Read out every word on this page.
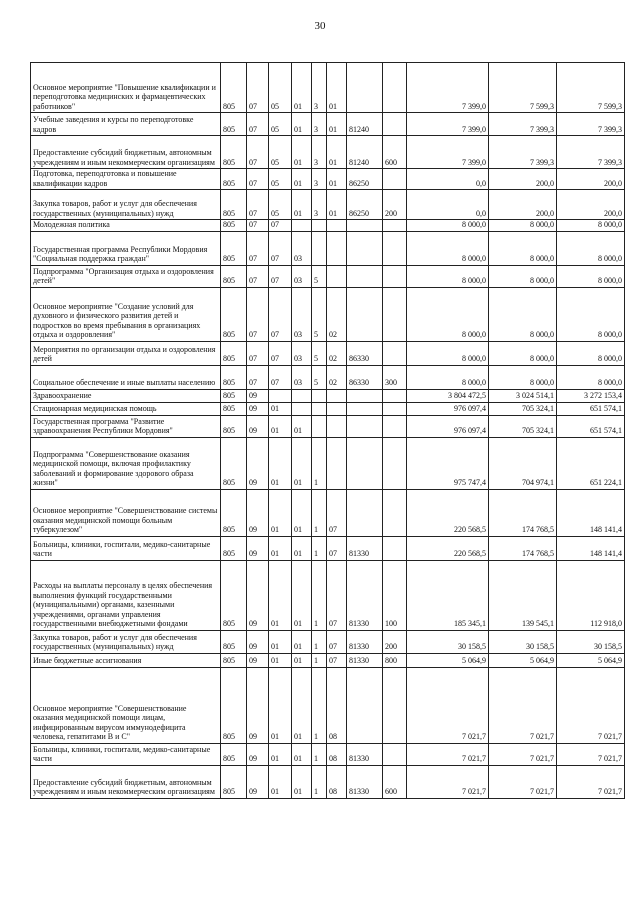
30
Основное мероприятие "Повышение квалификации и переподготовка медицинских и фармацевтических работников"	805	07	05	01	3	01			7 399,0	7 599,3	7 599,3
Учебные заведения и курсы по переподготовке кадров	805	07	05	01	3	01	81240		7 399,0	7 399,3	7 399,3
Предоставление субсидий бюджетным, автономным учреждениям и иным некоммерческим организациям	805	07	05	01	3	01	81240	600	7 399,0	7 399,3	7 399,3
Подготовка, переподготовка и повышение квалификации кадров	805	07	05	01	3	01	86250		0,0	200,0	200,0
Закупка товаров, работ и услуг для обеспечения государственных (муниципальных) нужд	805	07	05	01	3	01	86250	200	0,0	200,0	200,0
Молодежная политика	805	07	07						8 000,0	8 000,0	8 000,0
Государственная программа Республики Мордовия "Социальная поддержка граждан"	805	07	07	03					8 000,0	8 000,0	8 000,0
Подпрограмма "Организация отдыха и оздоровления детей"	805	07	07	03	5				8 000,0	8 000,0	8 000,0
Основное мероприятие "Создание условий для духовного и физического развития детей и подростков во время пребывания в организациях отдыха и оздоровления"	805	07	07	03	5	02			8 000,0	8 000,0	8 000,0
Мероприятия по организации отдыха и оздоровления детей	805	07	07	03	5	02	86330		8 000,0	8 000,0	8 000,0
Социальное обеспечение и иные выплаты населению	805	07	07	03	5	02	86330	300	8 000,0	8 000,0	8 000,0
Здравоохранение	805	09							3 804 472,5	3 024 514,1	3 272 153,4
Стационарная медицинская помощь	805	09	01						976 097,4	705 324,1	651 574,1
Государственная программа "Развитие здравоохранения Республики Мордовия"	805	09	01	01					976 097,4	705 324,1	651 574,1
Подпрограмма "Совершенствование оказания медицинской помощи, включая профилактику заболеваний и формирование здорового образа жизни"	805	09	01	01	1				975 747,4	704 974,1	651 224,1
Основное мероприятие "Совершенствование системы оказания медицинской помощи больным туберкулезом"	805	09	01	01	1	07			220 568,5	174 768,5	148 141,4
Больницы, клиники, госпитали, медико-санитарные части	805	09	01	01	1	07	81330		220 568,5	174 768,5	148 141,4
Расходы на выплаты персоналу в целях обеспечения выполнения функций государственными (муниципальными) органами, казенными учреждениями, органами управления государственными внебюджетными фондами	805	09	01	01	1	07	81330	100	185 345,1	139 545,1	112 918,0
Закупка товаров, работ и услуг для обеспечения государственных (муниципальных) нужд	805	09	01	01	1	07	81330	200	30 158,5	30 158,5	30 158,5
Иные бюджетные ассигнования	805	09	01	01	1	07	81330	800	5 064,9	5 064,9	5 064,9
Основное мероприятие "Совершенствование оказания медицинской помощи лицам, инфицированным вирусом иммунодефицита человека, гепатитами В и С"	805	09	01	01	1	08			7 021,7	7 021,7	7 021,7
Больницы, клиники, госпитали, медико-санитарные части	805	09	01	01	1	08	81330		7 021,7	7 021,7	7 021,7
Предоставление субсидий бюджетным, автономным учреждениям и иным некоммерческим организациям	805	09	01	01	1	08	81330	600	7 021,7	7 021,7	7 021,7
